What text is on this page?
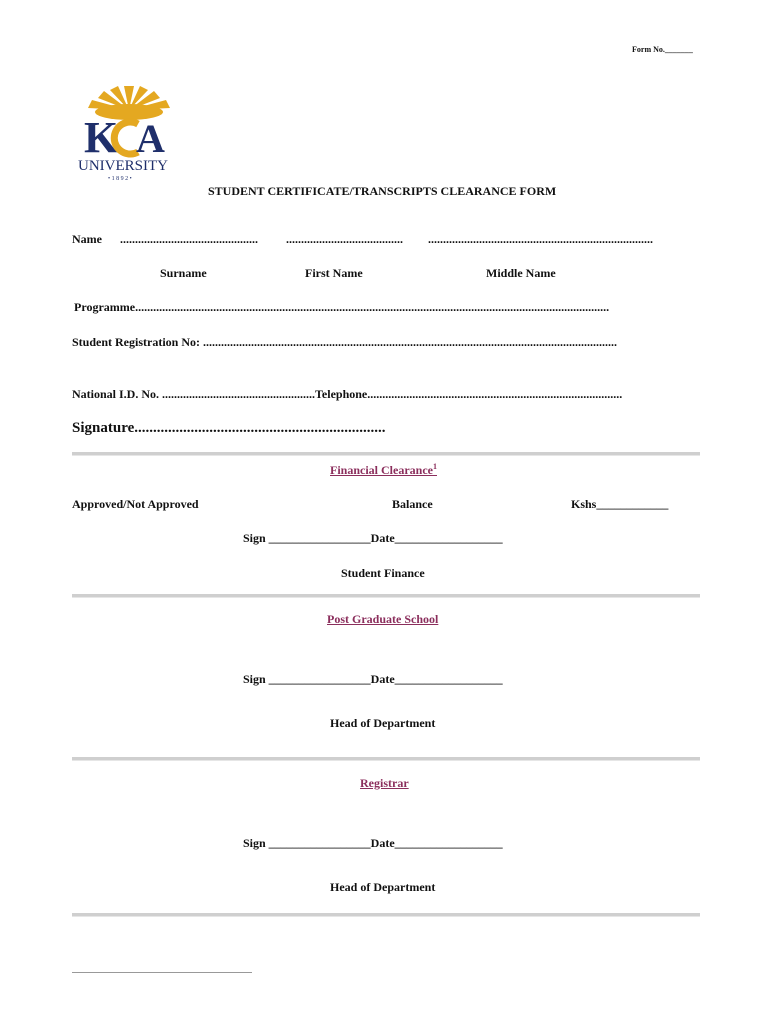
Form No._______
K A
UNIVERSITY
• 1 8 9 2 •
STUDENT CERTIFICATE/TRANSCRIPTS CLEARANCE FORM
Name .............................................. ....................................... ...........................................................................
Surname	First Name	Middle Name
Programme..............................................................................................................................................................
Student Registration No: ..........................................................................................................................................
National I.D. No. ...................................................Telephone.....................................................................................
Signature...................................................................
Financial Clearance$^1$
Approved/Not Approved	Balance	Kshs____________
Sign _________________Date__________________
Student Finance
Post Graduate School
Sign _________________Date__________________
Head of Department
Registrar
Sign _________________Date__________________
Head of Department
